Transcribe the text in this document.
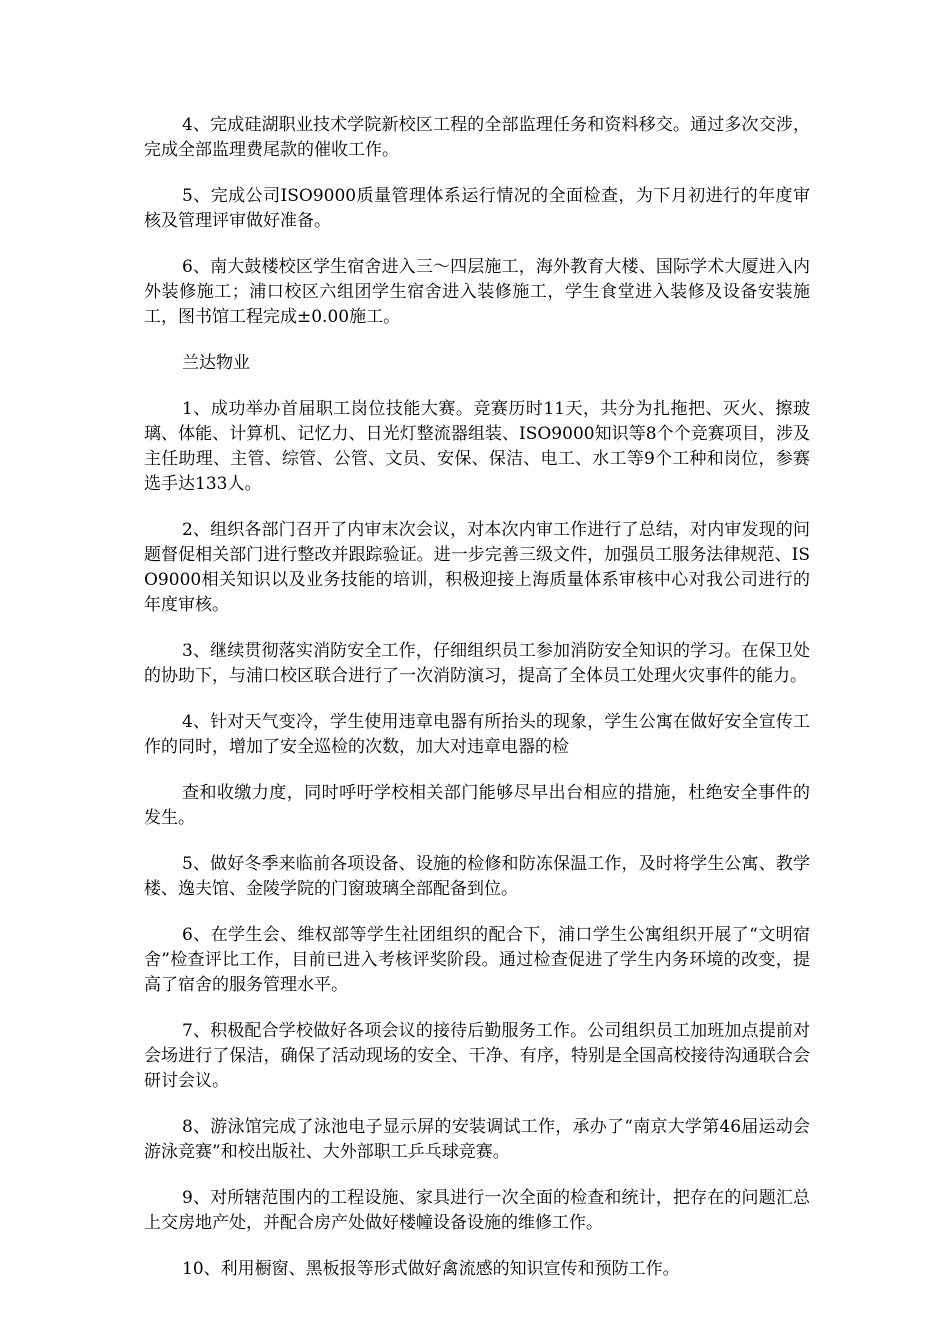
4、完成硅湖职业技术学院新校区工程的全部监理任务和资料移交。通过多次交涉，完成全部监理费尾款的催收工作。

5、完成公司ISO9000质量管理体系运行情况的全面检查，为下月初进行的年度审核及管理评审做好准备。

6、南大鼓楼校区学生宿舍进入三～四层施工，海外教育大楼、国际学术大厦进入内外装修施工；浦口校区六组团学生宿舍进入装修施工，学生食堂进入装修及设备安装施工，图书馆工程完成±0.00施工。

兰达物业

1、成功举办首届职工岗位技能大赛。竞赛历时11天，共分为扎拖把、灭火、擦玻璃、体能、计算机、记忆力、日光灯整流器组装、ISO9000知识等8个个竞赛项目，涉及主任助理、主管、综管、公管、文员、安保、保洁、电工、水工等9个工种和岗位，参赛选手达133人。

2、组织各部门召开了内审末次会议，对本次内审工作进行了总结，对内审发现的问题督促相关部门进行整改并跟踪验证。进一步完善三级文件，加强员工服务法律规范、ISO9000相关知识以及业务技能的培训，积极迎接上海质量体系审核中心对我公司进行的年度审核。

3、继续贯彻落实消防安全工作，仔细组织员工参加消防安全知识的学习。在保卫处的协助下，与浦口校区联合进行了一次消防演习，提高了全体员工处理火灾事件的能力。

4、针对天气变冷，学生使用违章电器有所抬头的现象，学生公寓在做好安全宣传工作的同时，增加了安全巡检的次数，加大对违章电器的检

查和收缴力度，同时呼吁学校相关部门能够尽早出台相应的措施，杜绝安全事件的发生。

5、做好冬季来临前各项设备、设施的检修和防冻保温工作，及时将学生公寓、教学楼、逸夫馆、金陵学院的门窗玻璃全部配备到位。

6、在学生会、维权部等学生社团组织的配合下，浦口学生公寓组织开展了“文明宿舍”检查评比工作，目前已进入考核评奖阶段。通过检查促进了学生内务环境的改变，提高了宿舍的服务管理水平。

7、积极配合学校做好各项会议的接待后勤服务工作。公司组织员工加班加点提前对会场进行了保洁，确保了活动现场的安全、干净、有序，特别是全国高校接待沟通联合会研讨会议。

8、游泳馆完成了泳池电子显示屏的安装调试工作，承办了“南京大学第46届运动会游泳竞赛”和校出版社、大外部职工乒乓球竞赛。

9、对所辖范围内的工程设施、家具进行一次全面的检查和统计，把存在的问题汇总上交房地产处，并配合房产处做好楼幢设备设施的维修工作。

10、利用橱窗、黑板报等形式做好禽流感的知识宣传和预防工作。
